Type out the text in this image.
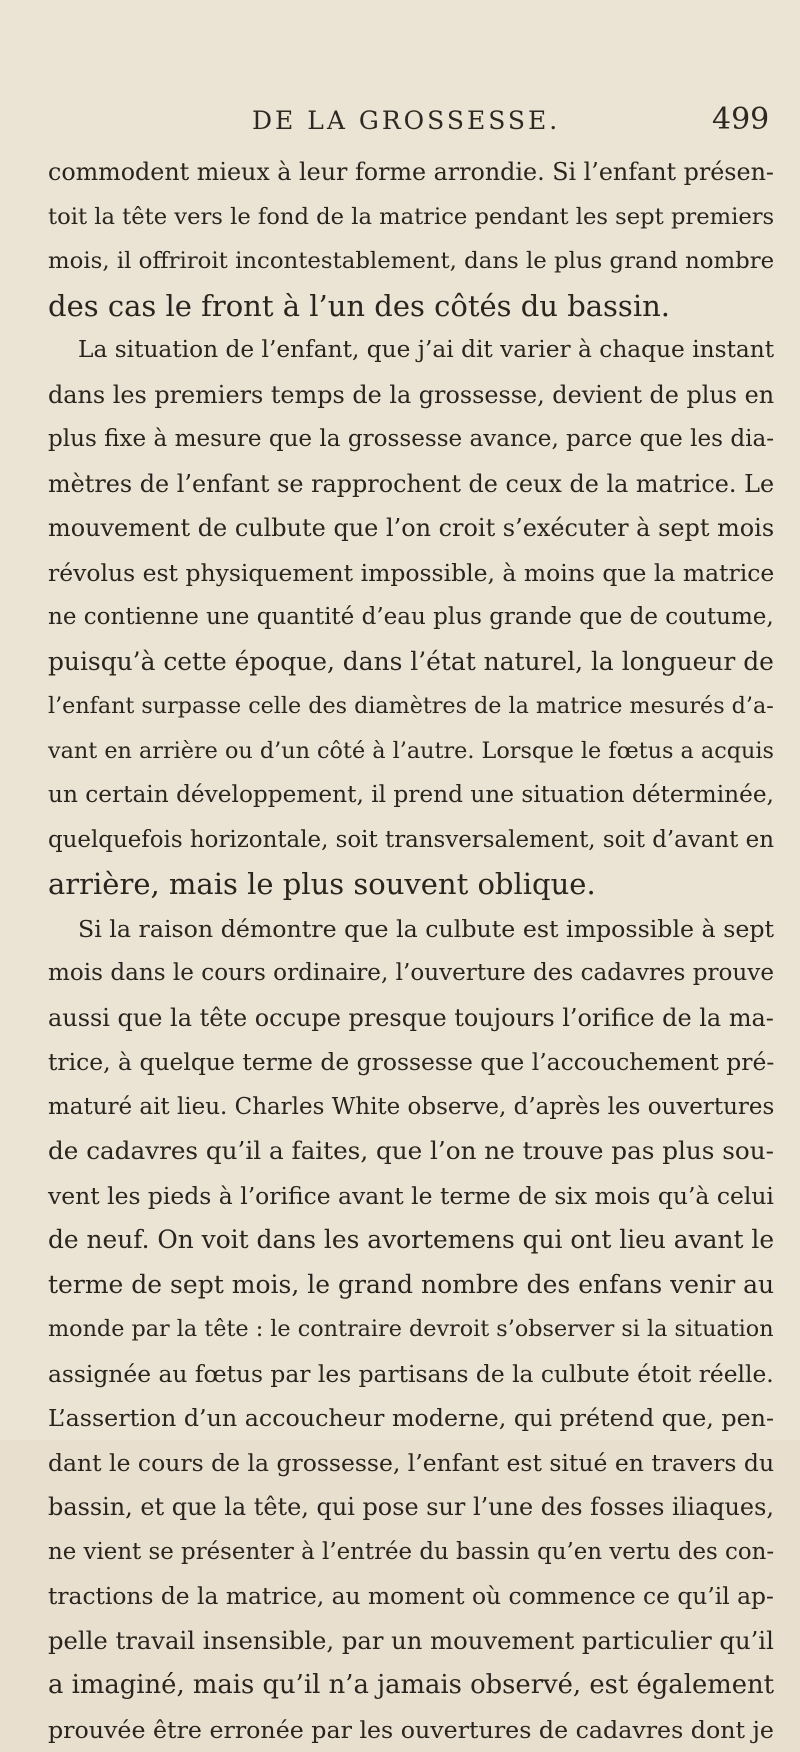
DE LA GROSSESSE.	499
commodent mieux à leur forme arrondie. Si l’enfant présen-
toit la tête vers le fond de la matrice pendant les sept premiers
mois, il offriroit incontestablement, dans le plus grand nombre
des cas le front à l’un des côtés du bassin.
La situation de l’enfant, que j’ai dit varier à chaque instant
dans les premiers temps de la grossesse, devient de plus en
plus fixe à mesure que la grossesse avance, parce que les dia-
mètres de l’enfant se rapprochent de ceux de la matrice. Le
mouvement de culbute que l’on croit s’exécuter à sept mois
révolus est physiquement impossible, à moins que la matrice
ne contienne une quantité d’eau plus grande que de coutume,
puisqu’à cette époque, dans l’état naturel, la longueur de
l’enfant surpasse celle des diamètres de la matrice mesurés d’a-
vant en arrière ou d’un côté à l’autre. Lorsque le fœtus a acquis
un certain développement, il prend une situation déterminée,
quelquefois horizontale, soit transversalement, soit d’avant en
arrière, mais le plus souvent oblique.
Si la raison démontre que la culbute est impossible à sept
mois dans le cours ordinaire, l’ouverture des cadavres prouve
aussi que la tête occupe presque toujours l’orifice de la ma-
trice, à quelque terme de grossesse que l’accouchement pré-
maturé ait lieu. Charles White observe, d’après les ouvertures
de cadavres qu’il a faites, que l’on ne trouve pas plus sou-
vent les pieds à l’orifice avant le terme de six mois qu’à celui
de neuf. On voit dans les avortemens qui ont lieu avant le
terme de sept mois, le grand nombre des enfans venir au
monde par la tête : le contraire devroit s’observer si la situation
assignée au fœtus par les partisans de la culbute étoit réelle.
L’assertion d’un accoucheur moderne, qui prétend que, pen-
dant le cours de la grossesse, l’enfant est situé en travers du
bassin, et que la tête, qui pose sur l’une des fosses iliaques,
ne vient se présenter à l’entrée du bassin qu’en vertu des con-
tractions de la matrice, au moment où commence ce qu’il ap-
pelle travail insensible, par un mouvement particulier qu’il
a imaginé, mais qu’il n’a jamais observé, est également
prouvée être erronée par les ouvertures de cadavres dont je
